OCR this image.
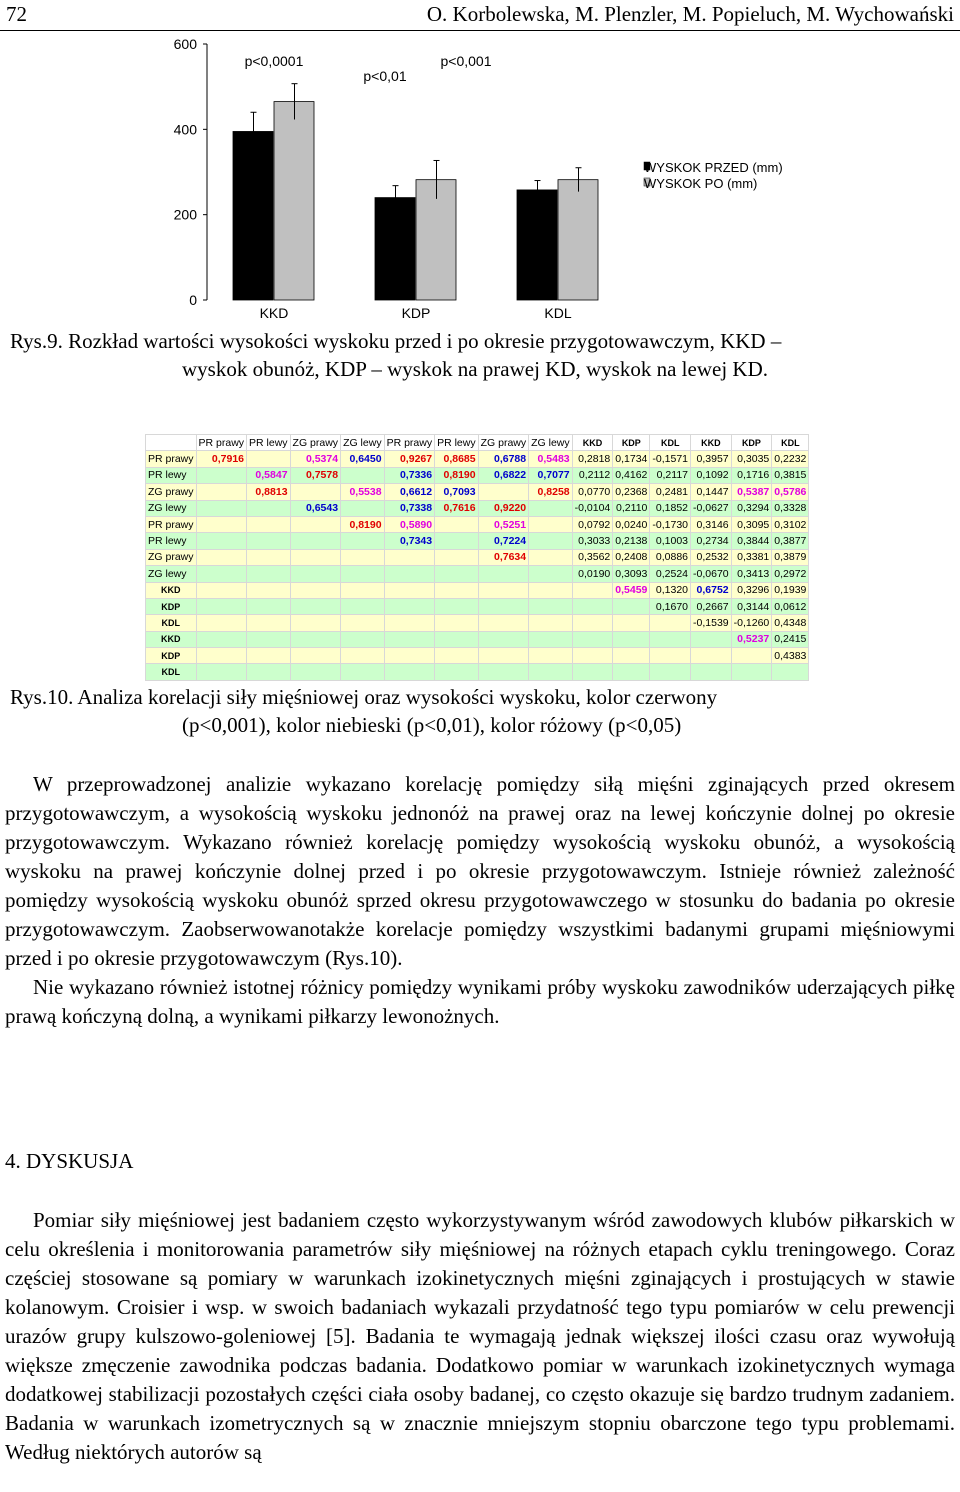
72	O. Korbolewska, M. Plenzler, M. Popieluch, M. Wychowański
0
200
400
600
KKD	KDP	KDL
p<0,0001
p<0,01
p<0,001
WYSKOK PRZED (mm)
WYSKOK PO (mm)
Rys.9. Rozkład wartości wysokości wyskoku przed i po okresie przygotowawczym, KKD –
wyskok obunóż, KDP – wyskok na prawej KD, wyskok na lewej KD.
	PR prawy	PR lewy	ZG prawy	ZG lewy	PR prawy	PR lewy	ZG prawy	ZG lewy	KKD	KDP	KDL	KKD	KDP	KDL
PR prawy	0,7916		0,5374	0,6450	0,9267	0,8685	0,6788	0,5483	0,2818	0,1734	-0,1571	0,3957	0,3035	0,2232
PR lewy		0,5847	0,7578		0,7336	0,8190	0,6822	0,7077	0,2112	0,4162	0,2117	0,1092	0,1716	0,3815
ZG prawy		0,8813		0,5538	0,6612	0,7093		0,8258	0,0770	0,2368	0,2481	0,1447	0,5387	0,5786
ZG lewy			0,6543		0,7338	0,7616	0,9220		-0,0104	0,2110	0,1852	-0,0627	0,3294	0,3328
PR prawy				0,8190	0,5890		0,5251		0,0792	0,0240	-0,1730	0,3146	0,3095	0,3102
PR lewy					0,7343		0,7224		0,3033	0,2138	0,1003	0,2734	0,3844	0,3877
ZG prawy							0,7634		0,3562	0,2408	0,0886	0,2532	0,3381	0,3879
ZG lewy									0,0190	0,3093	0,2524	-0,0670	0,3413	0,2972
KKD										0,5459	0,1320	0,6752	0,3296	0,1939
KDP											0,1670	0,2667	0,3144	0,0612
KDL												-0,1539	-0,1260	0,4348
KKD													0,5237	0,2415
KDP														0,4383
KDL														
Rys.10. Analiza korelacji siły mięśniowej oraz wysokości wyskoku, kolor czerwony
(p<0,001), kolor niebieski (p<0,01), kolor różowy (p<0,05)

W przeprowadzonej analizie wykazano korelację pomiędzy siłą mięśni zginających przed okresem przygotowawczym, a wysokością wyskoku jednonóż na prawej oraz na lewej kończynie dolnej po okresie przygotowawczym. Wykazano również korelację pomiędzy wysokością wyskoku obunóż, a wysokością wyskoku na prawej kończynie dolnej przed i po okresie przygotowawczym. Istnieje również zależność pomiędzy wysokością wyskoku obunóż sprzed okresu przygotowawczego w stosunku do badania po okresie przygotowawczym. Zaobserwowanotakże korelacje pomiędzy wszystkimi badanymi grupami mięśniowymi przed i po okresie przygotowawczym (Rys.10).

Nie wykazano również istotnej różnicy pomiędzy wynikami próby wyskoku zawodników uderzających piłkę prawą kończyną dolną, a wynikami piłkarzy lewonożnych.

4. DYSKUSJA

Pomiar siły mięśniowej jest badaniem często wykorzystywanym wśród zawodowych klubów piłkarskich w celu określenia i monitorowania parametrów siły mięśniowej na różnych etapach cyklu treningowego. Coraz częściej stosowane są pomiary w warunkach izokinetycznych mięśni zginających i prostujących w stawie kolanowym. Croisier i wsp. w swoich badaniach wykazali przydatność tego typu pomiarów w celu prewencji urazów grupy kulszowo-goleniowej [5]. Badania te wymagają jednak większej ilości czasu oraz wywołują większe zmęczenie zawodnika podczas badania. Dodatkowo pomiar w warunkach izokinetycznych wymaga dodatkowej stabilizacji pozostałych części ciała osoby badanej, co często okazuje się bardzo trudnym zadaniem. Badania w warunkach izometrycznych są w znacznie mniejszym stopniu obarczone tego typu problemami. Według niektórych autorów są
